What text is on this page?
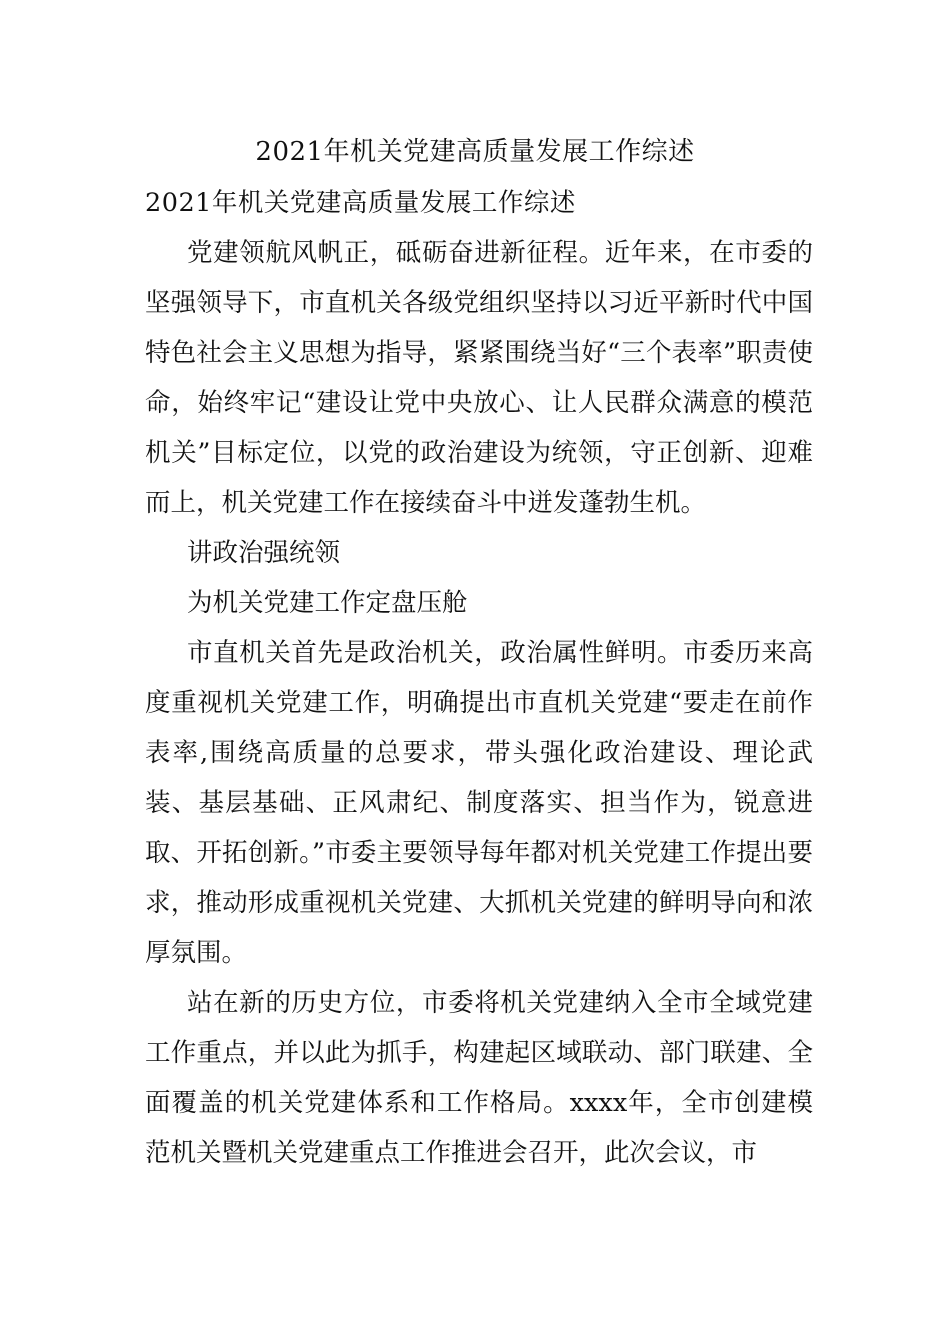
2021年机关党建高质量发展工作综述

2021年机关党建高质量发展工作综述

党建领航风帆正，砥砺奋进新征程。近年来，在市委的坚强领导下，市直机关各级党组织坚持以习近平新时代中国特色社会主义思想为指导，紧紧围绕当好“三个表率”职责使命，始终牢记“建设让党中央放心、让人民群众满意的模范机关”目标定位，以党的政治建设为统领，守正创新、迎难而上，机关党建工作在接续奋斗中迸发蓬勃生机。

讲政治强统领

为机关党建工作定盘压舱

市直机关首先是政治机关，政治属性鲜明。市委历来高度重视机关党建工作，明确提出市直机关党建“要走在前作表率,围绕高质量的总要求，带头强化政治建设、理论武装、基层基础、正风肃纪、制度落实、担当作为，锐意进取、开拓创新。”市委主要领导每年都对机关党建工作提出要求，推动形成重视机关党建、大抓机关党建的鲜明导向和浓厚氛围。

站在新的历史方位，市委将机关党建纳入全市全域党建工作重点，并以此为抓手，构建起区域联动、部门联建、全面覆盖的机关党建体系和工作格局。xxxx年，全市创建模范机关暨机关党建重点工作推进会召开，此次会议，市
